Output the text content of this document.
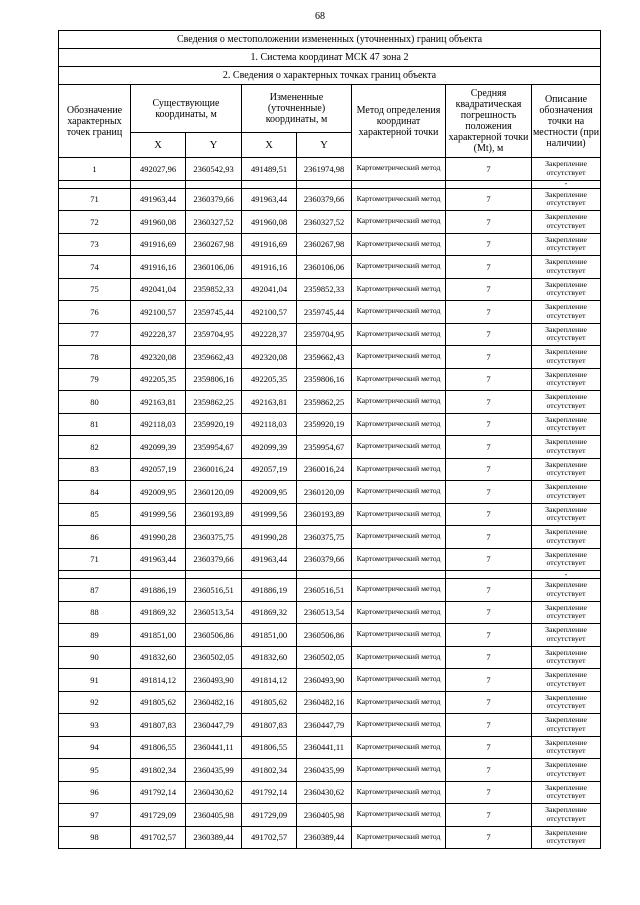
68
Сведения о местоположении измененных (уточненных) границ объекта							
1. Система координат МСК 47 зона 2							
2. Сведения о характерных точках границ объекта							
Обозначение характерных точек границ	Существующие координаты, м		Измененные (уточненные) координаты, м		Метод определения координат характерной точки	Средняя квадратическая погрешность положения характерной точки (Mt), м	Описание обозначения точки на местности (при наличии)
	X	Y	X	Y			
1	492027,96	2360542,93	491489,51	2361974,98	Картометрический метод	7	Закрепление отсутствует
							-
71	491963,44	2360379,66	491963,44	2360379,66	Картометрический метод	7	Закрепление отсутствует
72	491960,08	2360327,52	491960,08	2360327,52	Картометрический метод	7	Закрепление отсутствует
73	491916,69	2360267,98	491916,69	2360267,98	Картометрический метод	7	Закрепление отсутствует
74	491916,16	2360106,06	491916,16	2360106,06	Картометрический метод	7	Закрепление отсутствует
75	492041,04	2359852,33	492041,04	2359852,33	Картометрический метод	7	Закрепление отсутствует
76	492100,57	2359745,44	492100,57	2359745,44	Картометрический метод	7	Закрепление отсутствует
77	492228,37	2359704,95	492228,37	2359704,95	Картометрический метод	7	Закрепление отсутствует
78	492320,08	2359662,43	492320,08	2359662,43	Картометрический метод	7	Закрепление отсутствует
79	492205,35	2359806,16	492205,35	2359806,16	Картометрический метод	7	Закрепление отсутствует
80	492163,81	2359862,25	492163,81	2359862,25	Картометрический метод	7	Закрепление отсутствует
81	492118,03	2359920,19	492118,03	2359920,19	Картометрический метод	7	Закрепление отсутствует
82	492099,39	2359954,67	492099,39	2359954,67	Картометрический метод	7	Закрепление отсутствует
83	492057,19	2360016,24	492057,19	2360016,24	Картометрический метод	7	Закрепление отсутствует
84	492009,95	2360120,09	492009,95	2360120,09	Картометрический метод	7	Закрепление отсутствует
85	491999,56	2360193,89	491999,56	2360193,89	Картометрический метод	7	Закрепление отсутствует
86	491990,28	2360375,75	491990,28	2360375,75	Картометрический метод	7	Закрепление отсутствует
71	491963,44	2360379,66	491963,44	2360379,66	Картометрический метод	7	Закрепление отсутствует
							-
87	491886,19	2360516,51	491886,19	2360516,51	Картометрический метод	7	Закрепление отсутствует
88	491869,32	2360513,54	491869,32	2360513,54	Картометрический метод	7	Закрепление отсутствует
89	491851,00	2360506,86	491851,00	2360506,86	Картометрический метод	7	Закрепление отсутствует
90	491832,60	2360502,05	491832,60	2360502,05	Картометрический метод	7	Закрепление отсутствует
91	491814,12	2360493,90	491814,12	2360493,90	Картометрический метод	7	Закрепление отсутствует
92	491805,62	2360482,16	491805,62	2360482,16	Картометрический метод	7	Закрепление отсутствует
93	491807,83	2360447,79	491807,83	2360447,79	Картометрический метод	7	Закрепление отсутствует
94	491806,55	2360441,11	491806,55	2360441,11	Картометрический метод	7	Закрепление отсутствует
95	491802,34	2360435,99	491802,34	2360435,99	Картометрический метод	7	Закрепление отсутствует
96	491792,14	2360430,62	491792,14	2360430,62	Картометрический метод	7	Закрепление отсутствует
97	491729,09	2360405,98	491729,09	2360405,98	Картометрический метод	7	Закрепление отсутствует
98	491702,57	2360389,44	491702,57	2360389,44	Картометрический метод	7	Закрепление отсутствует
